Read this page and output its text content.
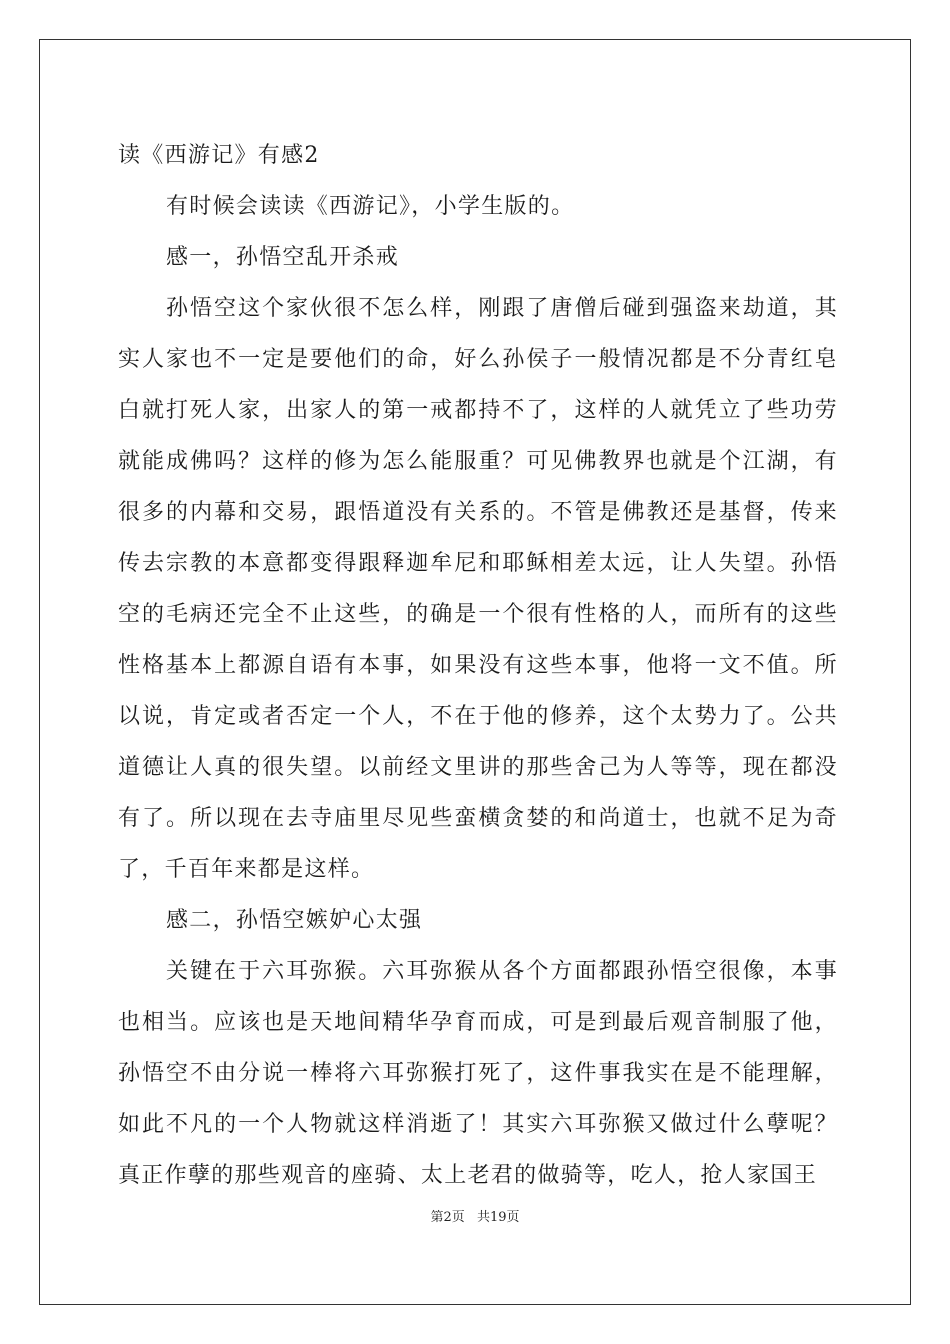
读《西游记》有感2

有时候会读读《西游记》，小学生版的。

感一，孙悟空乱开杀戒

孙悟空这个家伙很不怎么样，刚跟了唐僧后碰到强盗来劫道，其实人家也不一定是要他们的命，好么孙侯子一般情况都是不分青红皂白就打死人家，出家人的第一戒都持不了，这样的人就凭立了些功劳就能成佛吗？这样的修为怎么能服重？可见佛教界也就是个江湖，有很多的内幕和交易，跟悟道没有关系的。不管是佛教还是基督，传来传去宗教的本意都变得跟释迦牟尼和耶稣相差太远，让人失望。孙悟空的毛病还完全不止这些，的确是一个很有性格的人，而所有的这些性格基本上都源自语有本事，如果没有这些本事，他将一文不值。所以说，肯定或者否定一个人，不在于他的修养，这个太势力了。公共道德让人真的很失望。以前经文里讲的那些舍己为人等等，现在都没有了。所以现在去寺庙里尽见些蛮横贪婪的和尚道士，也就不足为奇了，千百年来都是这样。

感二，孙悟空嫉妒心太强

关键在于六耳弥猴。六耳弥猴从各个方面都跟孙悟空很像，本事也相当。应该也是天地间精华孕育而成，可是到最后观音制服了他，孙悟空不由分说一棒将六耳弥猴打死了，这件事我实在是不能理解，如此不凡的一个人物就这样消逝了！其实六耳弥猴又做过什么孽呢？真正作孽的那些观音的座骑、太上老君的做骑等，吃人，抢人家国王

第2页 共19页
